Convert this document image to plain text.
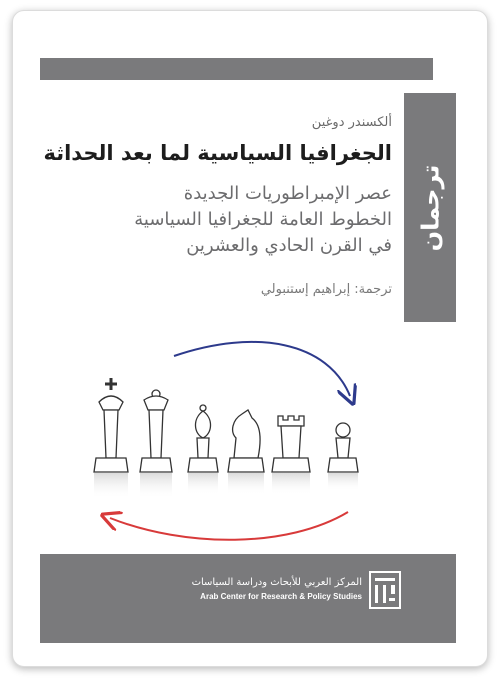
ترجمان
ألكسندر دوغين
الجغرافيا السياسية لما بعد الحداثة
عصر الإمبراطوريات الجديدة
الخطوط العامة للجغرافيا السياسية
في القرن الحادي والعشرين
ترجمة: إبراهيم إستنبولي
المركز العربي للأبحاث ودراسة السياسات
Arab Center for Research & Policy Studies
